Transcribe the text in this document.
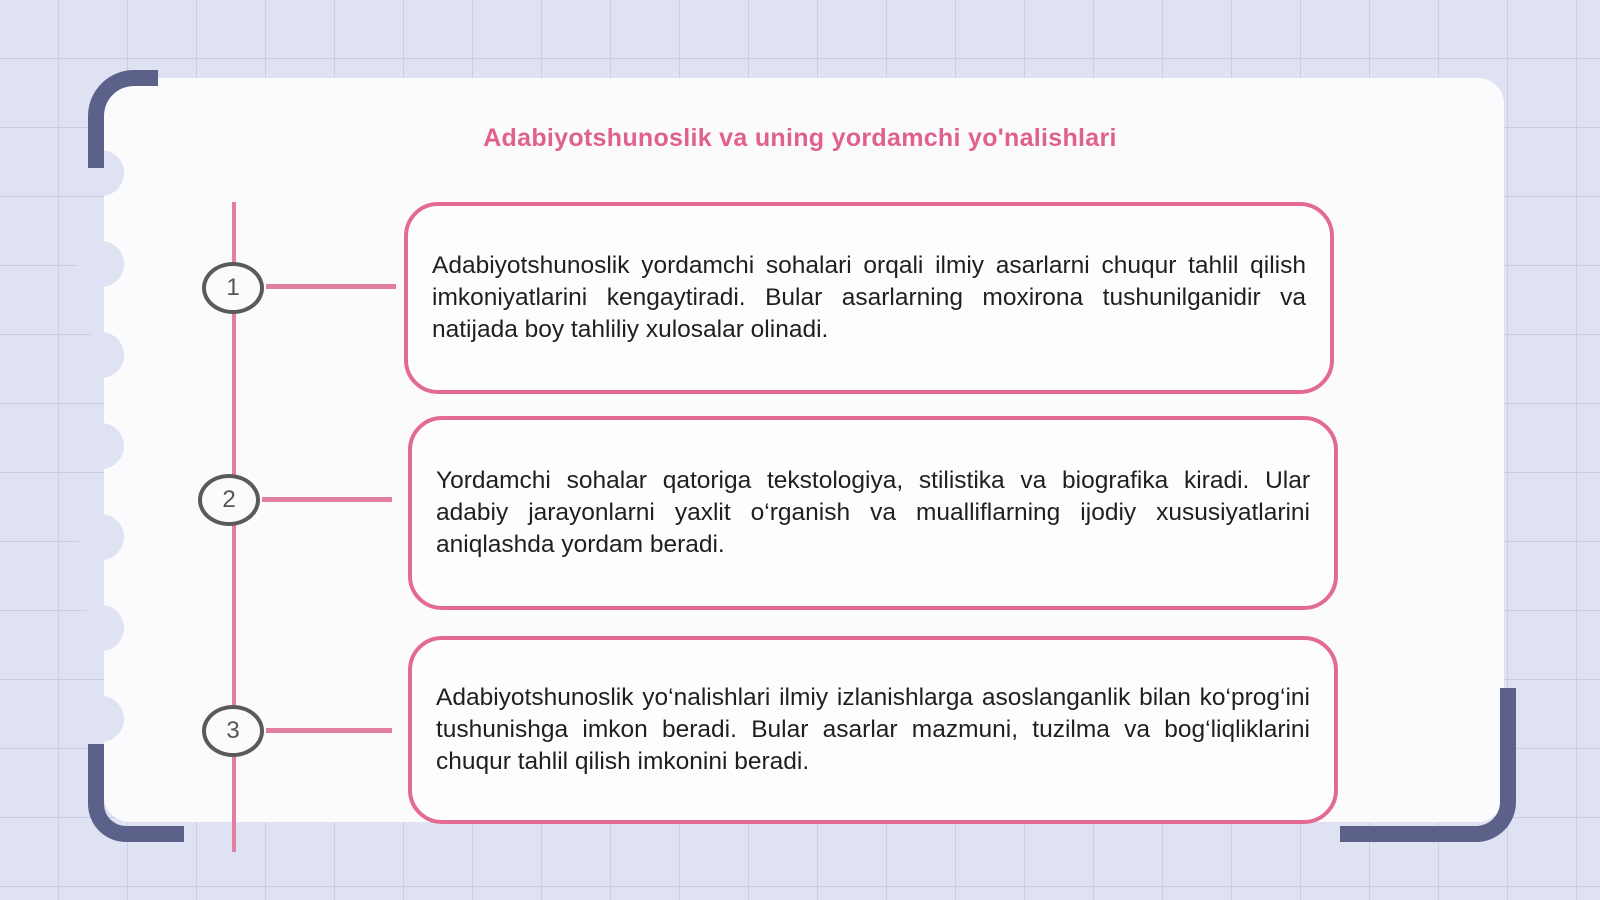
Adabiyotshunoslik va uning yordamchi yo'nalishlari
1
Adabiyotshunoslik yordamchi sohalari orqali ilmiy asarlarni chuqur tahlil qilish imkoniyatlarini kengaytiradi. Bular asarlarning moxirona tushunilganidir va natijada boy tahliliy xulosalar olinadi.
2
Yordamchi sohalar qatoriga tekstologiya, stilistika va biografika kiradi. Ular adabiy jarayonlarni yaxlit o‘rganish va mualliflarning ijodiy xususiyatlarini aniqlashda yordam beradi.
3
Adabiyotshunoslik yo‘nalishlari ilmiy izlanishlarga asoslanganlik bilan ko‘prog‘ini tushunishga imkon beradi. Bular asarlar mazmuni, tuzilma va bog‘liqliklarini chuqur tahlil qilish imkonini beradi.
